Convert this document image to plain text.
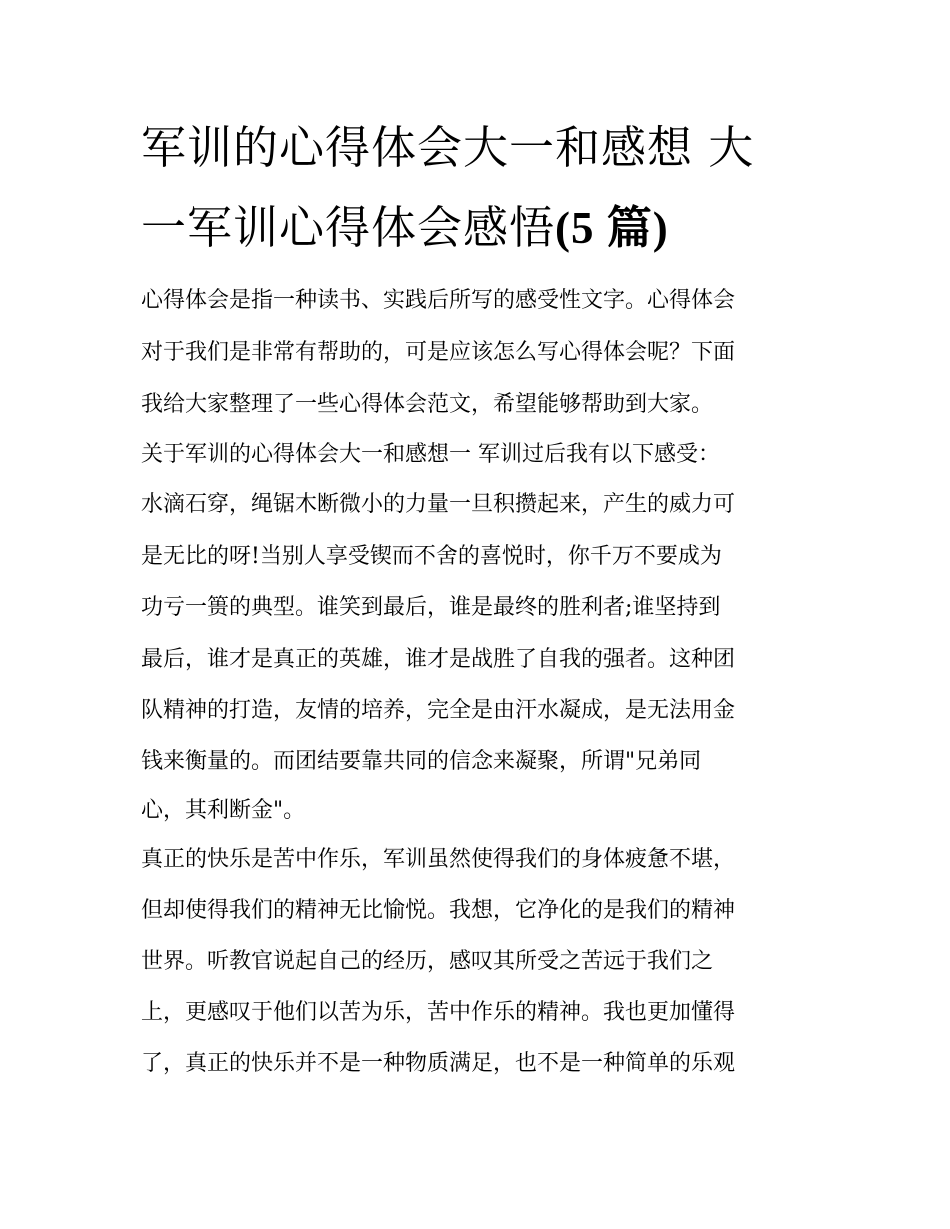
军训的心得体会大一和感想 大
一军训心得体会感悟(5 篇)
心得体会是指一种读书、实践后所写的感受性文字。心得体会
对于我们是非常有帮助的，可是应该怎么写心得体会呢？下面
我给大家整理了一些心得体会范文，希望能够帮助到大家。
关于军训的心得体会大一和感想一 军训过后我有以下感受：
水滴石穿，绳锯木断微小的力量一旦积攒起来，产生的威力可
是无比的呀!当别人享受锲而不舍的喜悦时，你千万不要成为
功亏一篑的典型。谁笑到最后，谁是最终的胜利者;谁坚持到
最后，谁才是真正的英雄，谁才是战胜了自我的强者。这种团
队精神的打造，友情的培养，完全是由汗水凝成，是无法用金
钱来衡量的。而团结要靠共同的信念来凝聚，所谓"兄弟同
心，其利断金"。
真正的快乐是苦中作乐，军训虽然使得我们的身体疲惫不堪，
但却使得我们的精神无比愉悦。我想，它净化的是我们的精神
世界。听教官说起自己的经历，感叹其所受之苦远于我们之
上，更感叹于他们以苦为乐，苦中作乐的精神。我也更加懂得
了，真正的快乐并不是一种物质满足，也不是一种简单的乐观
